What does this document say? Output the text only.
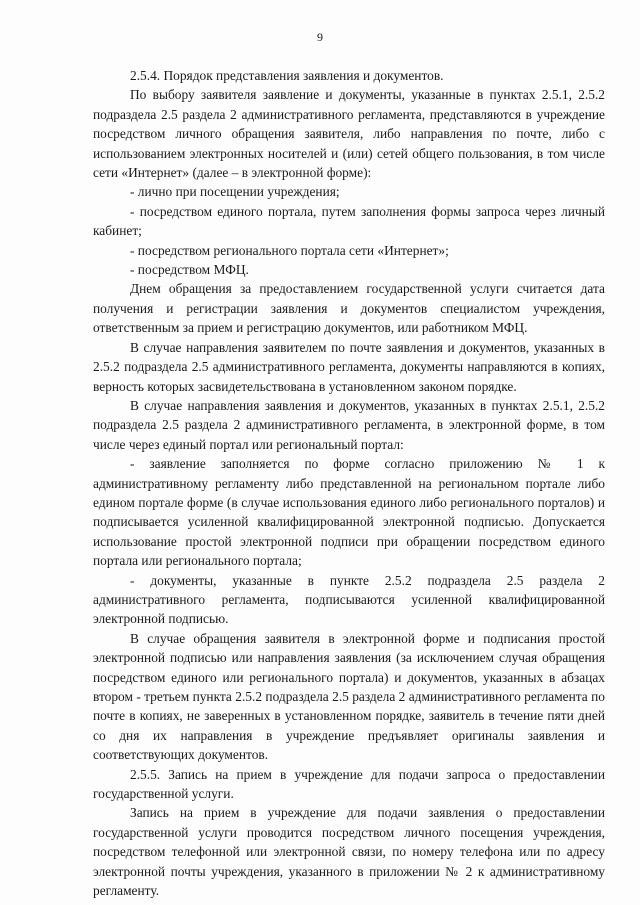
9

2.5.4. Порядок представления заявления и документов.

По выбору заявителя заявление и документы, указанные в пунктах 2.5.1, 2.5.2 подраздела 2.5 раздела 2 административного регламента, представляются в учреждение посредством личного обращения заявителя, либо направления по почте, либо с использованием электронных носителей и (или) сетей общего пользования, в том числе сети «Интернет» (далее – в электронной форме):

- лично при посещении учреждения;

- посредством единого портала, путем заполнения формы запроса через личный кабинет;

- посредством регионального портала сети «Интернет»;

- посредством МФЦ.

Днем обращения за предоставлением государственной услуги считается дата получения и регистрации заявления и документов специалистом учреждения, ответственным за прием и регистрацию документов, или работником МФЦ.

В случае направления заявителем по почте заявления и документов, указанных в 2.5.2 подраздела 2.5 административного регламента, документы направляются в копиях, верность которых засвидетельствована в установленном законом порядке.

В случае направления заявления и документов, указанных в пунктах 2.5.1, 2.5.2 подраздела 2.5 раздела 2 административного регламента, в электронной форме, в том числе через единый портал или региональный портал:

- заявление заполняется по форме согласно приложению № 1 к административному регламенту либо представленной на региональном портале либо едином портале форме (в случае использования единого либо регионального порталов) и подписывается усиленной квалифицированной электронной подписью. Допускается использование простой электронной подписи при обращении посредством единого портала или регионального портала;

- документы, указанные в пункте 2.5.2 подраздела 2.5 раздела 2 административного регламента, подписываются усиленной квалифицированной электронной подписью.

В случае обращения заявителя в электронной форме и подписания простой электронной подписью или направления заявления (за исключением случая обращения посредством единого или регионального портала) и документов, указанных в абзацах втором - третьем пункта 2.5.2 подраздела 2.5 раздела 2 административного регламента по почте в копиях, не заверенных в установленном порядке, заявитель в течение пяти дней со дня их направления в учреждение предъявляет оригиналы заявления и соответствующих документов.

2.5.5. Запись на прием в учреждение для подачи запроса о предоставлении государственной услуги.

Запись на прием в учреждение для подачи заявления о предоставлении государственной услуги проводится посредством личного посещения учреждения, посредством телефонной или электронной связи, по номеру телефона или по адресу электронной почты учреждения, указанного в приложении № 2 к административному регламенту.
